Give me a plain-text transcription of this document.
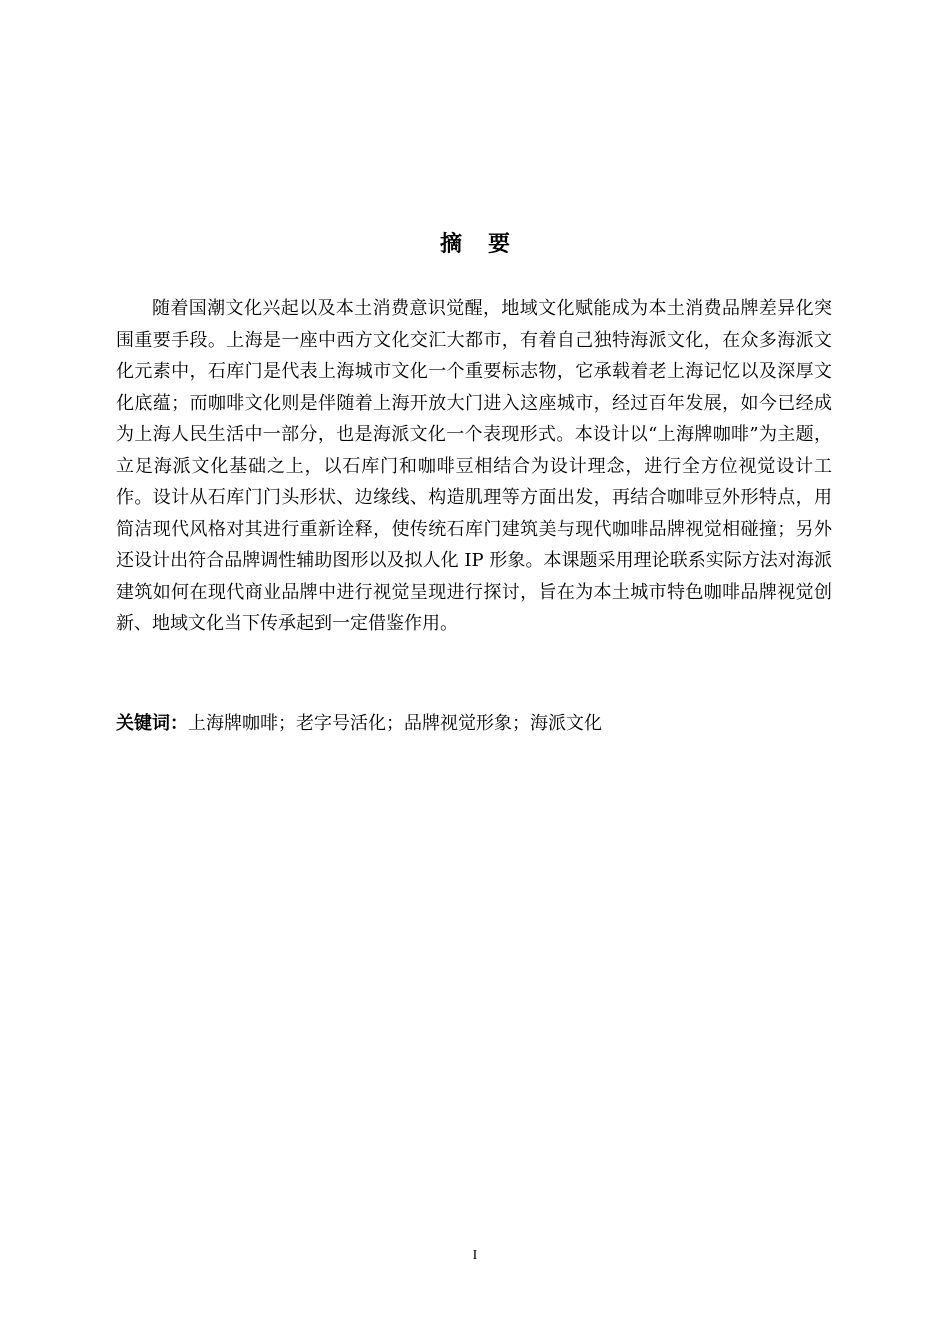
摘 要

随着国潮文化兴起以及本土消费意识觉醒，地域文化赋能成为本土消费品牌差异化突围重要手段。上海是一座中西方文化交汇大都市，有着自己独特海派文化，在众多海派文化元素中，石库门是代表上海城市文化一个重要标志物，它承载着老上海记忆以及深厚文化底蕴；而咖啡文化则是伴随着上海开放大门进入这座城市，经过百年发展，如今已经成为上海人民生活中一部分，也是海派文化一个表现形式。本设计以“上海牌咖啡”为主题，立足海派文化基础之上，以石库门和咖啡豆相结合为设计理念，进行全方位视觉设计工作。设计从石库门门头形状、边缘线、构造肌理等方面出发，再结合咖啡豆外形特点，用简洁现代风格对其进行重新诠释，使传统石库门建筑美与现代咖啡品牌视觉相碰撞；另外还设计出符合品牌调性辅助图形以及拟人化 IP 形象。本课题采用理论联系实际方法对海派建筑如何在现代商业品牌中进行视觉呈现进行探讨，旨在为本土城市特色咖啡品牌视觉创新、地域文化当下传承起到一定借鉴作用。

关键词：上海牌咖啡；老字号活化；品牌视觉形象；海派文化

I
